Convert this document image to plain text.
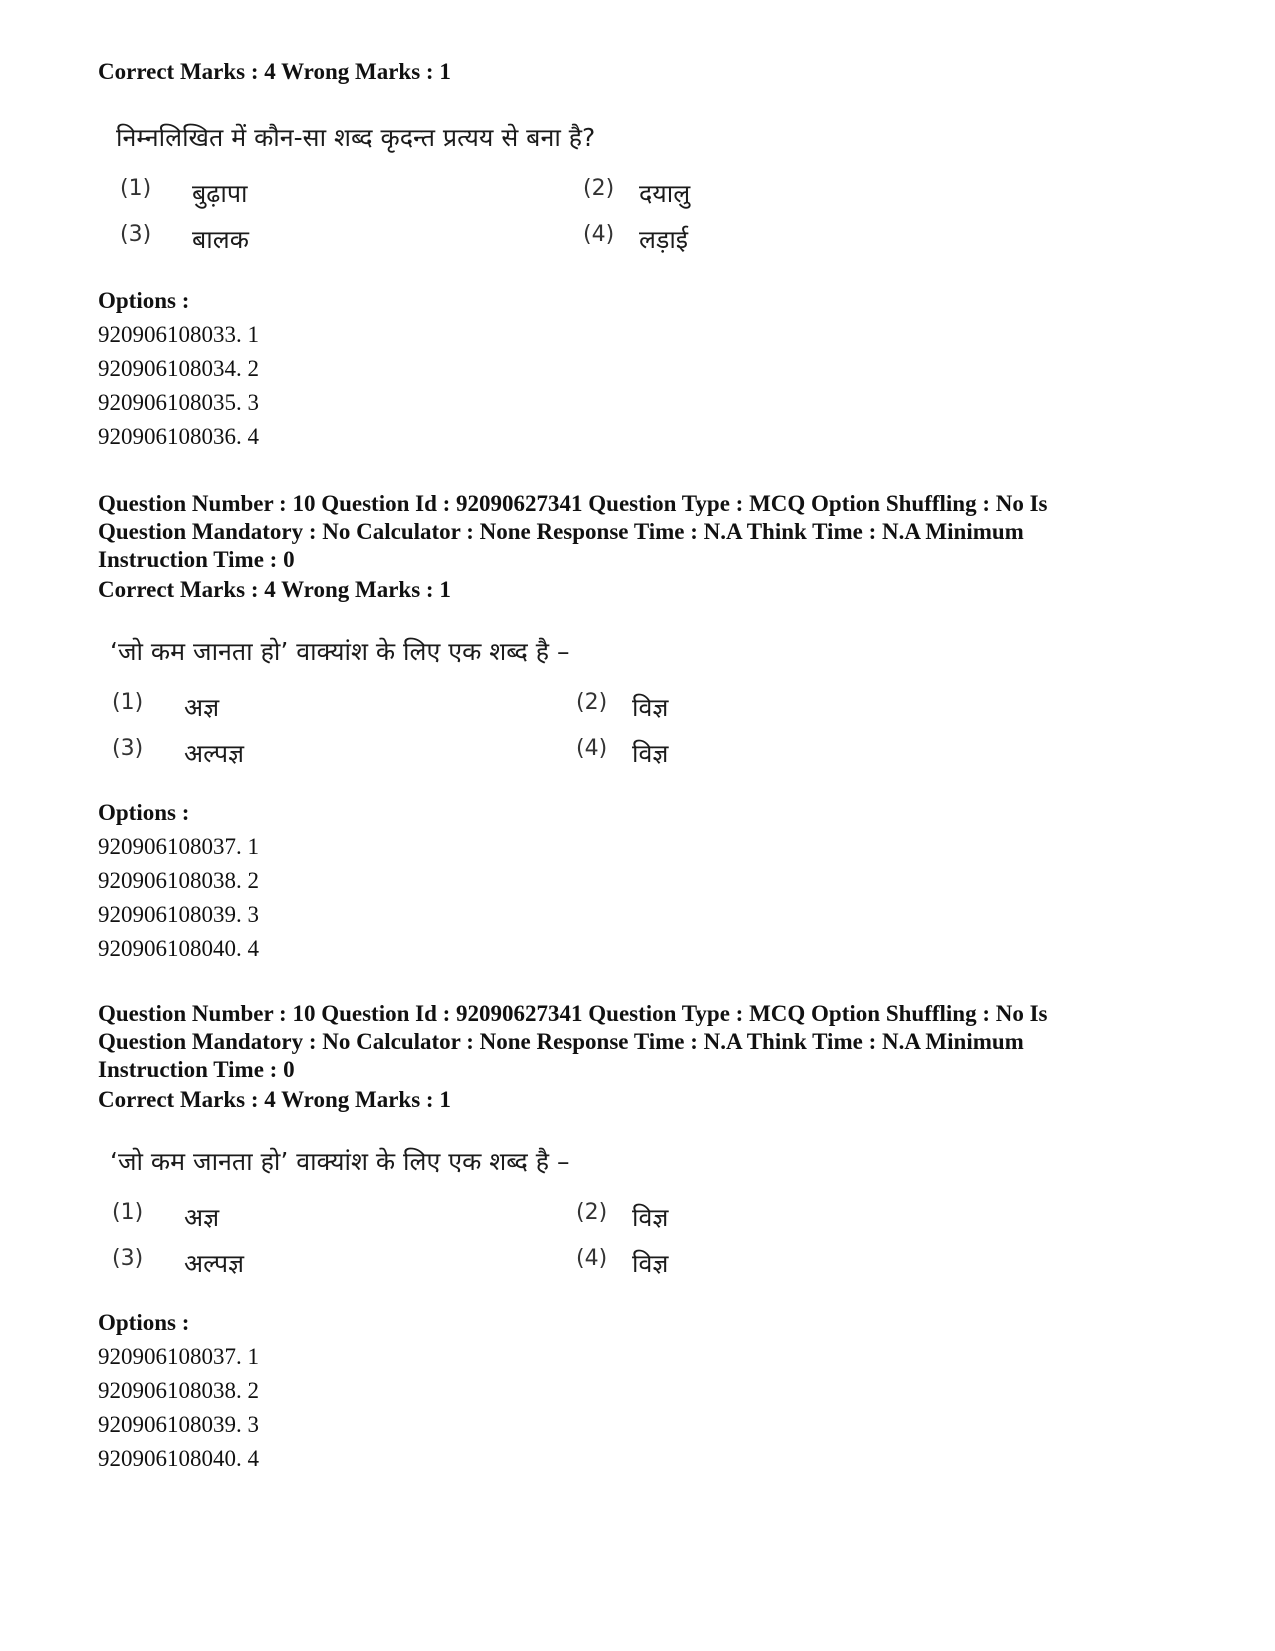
Correct Marks : 4 Wrong Marks : 1
निम्नलिखित में कौन-सा शब्द कृदन्त प्रत्यय से बना है?
(1) बुढ़ापा	(2) दयालु
(3) बालक	(4) लड़ाई
Options :
920906108033. 1
920906108034. 2
920906108035. 3
920906108036. 4
Question Number : 10 Question Id : 92090627341 Question Type : MCQ Option Shuffling : No Is
Question Mandatory : No Calculator : None Response Time : N.A Think Time : N.A Minimum
Instruction Time : 0
Correct Marks : 4 Wrong Marks : 1
‘जो कम जानता हो’ वाक्यांश के लिए एक शब्द है –
(1) अज्ञ	(2) विज्ञ
(3) अल्पज्ञ	(4) विज्ञ
Options :
920906108037. 1
920906108038. 2
920906108039. 3
920906108040. 4
Question Number : 10 Question Id : 92090627341 Question Type : MCQ Option Shuffling : No Is
Question Mandatory : No Calculator : None Response Time : N.A Think Time : N.A Minimum
Instruction Time : 0
Correct Marks : 4 Wrong Marks : 1
‘जो कम जानता हो’ वाक्यांश के लिए एक शब्द है –
(1) अज्ञ	(2) विज्ञ
(3) अल्पज्ञ	(4) विज्ञ
Options :
920906108037. 1
920906108038. 2
920906108039. 3
920906108040. 4
